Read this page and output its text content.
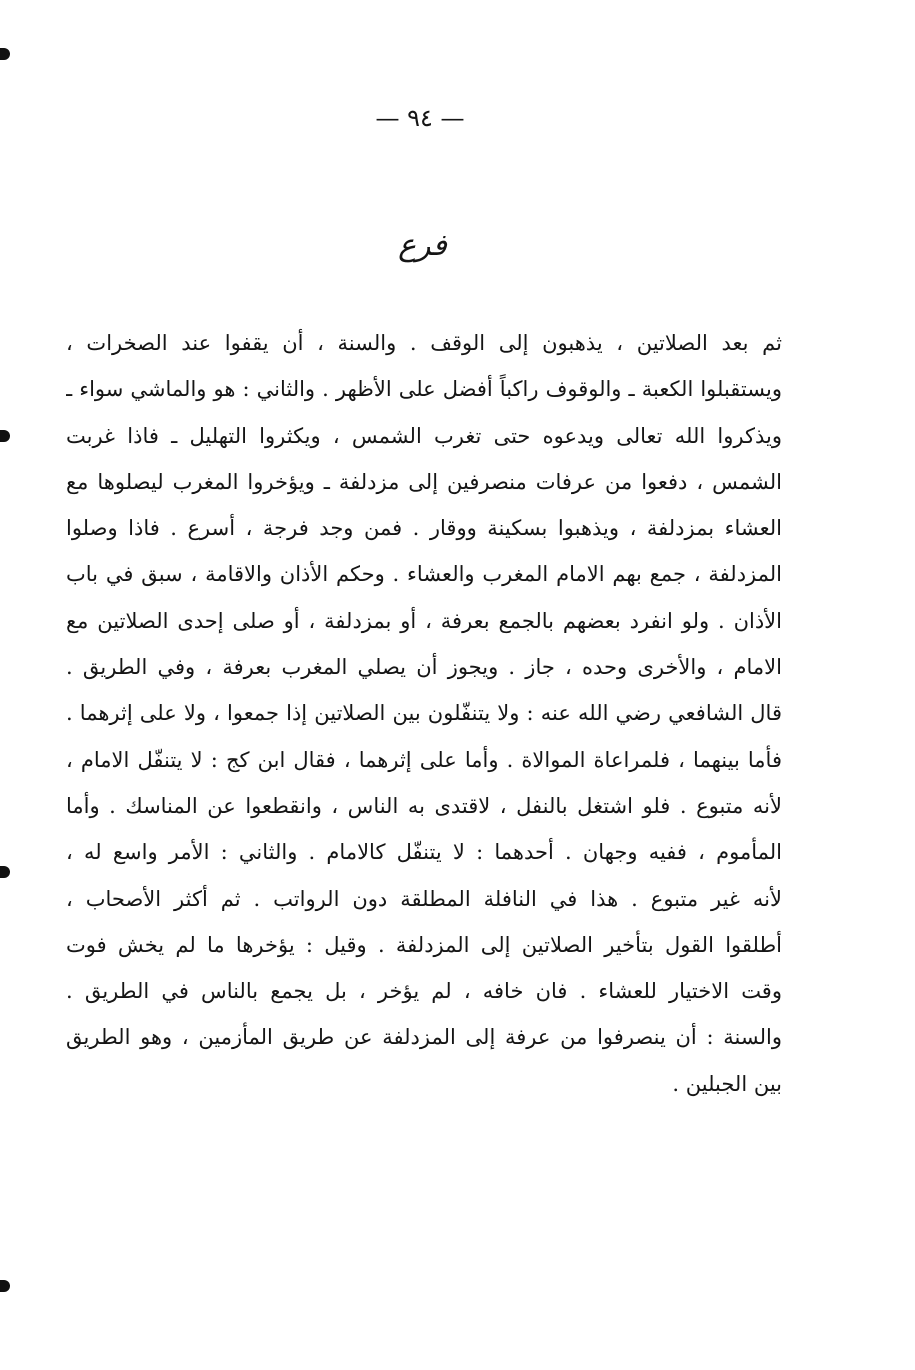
— ٩٤ —
فرع
ثم بعد الصلاتين ، يذهبون إلى الوقف . والسنة ، أن يقفوا عند الصخرات ،
ويستقبلوا الكعبة ـ والوقوف راكباً أفضل على الأظهر . والثاني : هو والماشي سواء ـ
ويذكروا الله تعالى ويدعوه حتى تغرب الشمس ، ويكثروا التهليل ـ فاذا غربت
الشمس ، دفعوا من عرفات منصرفين إلى مزدلفة ـ ويؤخروا المغرب ليصلوها مع
العشاء بمزدلفة ، ويذهبوا بسكينة ووقار . فمن وجد فرجة ، أسرع . فاذا وصلوا
المزدلفة ، جمع بهم الامام المغرب والعشاء . وحكم الأذان والاقامة ، سبق في باب
الأذان . ولو انفرد بعضهم بالجمع بعرفة ، أو بمزدلفة ، أو صلى إحدى الصلاتين مع
الامام ، والأخرى وحده ، جاز . ويجوز أن يصلي المغرب بعرفة ، وفي الطريق .
قال الشافعي رضي الله عنه : ولا يتنفّلون بين الصلاتين إذا جمعوا ، ولا على إثرهما .
فأما بينهما ، فلمراعاة الموالاة . وأما على إثرهما ، فقال ابن كج : لا يتنفّل الامام ،
لأنه متبوع . فلو اشتغل بالنفل ، لاقتدى به الناس ، وانقطعوا عن المناسك . وأما
المأموم ، ففيه وجهان . أحدهما : لا يتنفّل كالامام . والثاني : الأمر واسع له ،
لأنه غير متبوع . هذا في النافلة المطلقة دون الرواتب . ثم أكثر الأصحاب ،
أطلقوا القول بتأخير الصلاتين إلى المزدلفة . وقيل : يؤخرها ما لم يخش فوت
وقت الاختيار للعشاء . فان خافه ، لم يؤخر ، بل يجمع بالناس في الطريق .
والسنة : أن ينصرفوا من عرفة إلى المزدلفة عن طريق المأزمين ، وهو الطريق
بين الجبلين .
